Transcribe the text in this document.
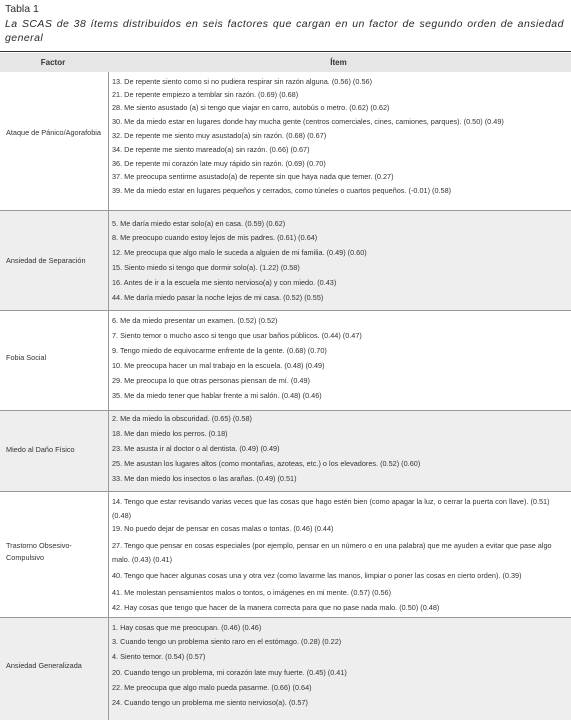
Tabla 1
La SCAS de 38 ítems distribuidos en seis factores que cargan en un factor de segundo orden de ansiedad general
Factor	Ítem
Ataque de Pánico/Agorafobia
13. De repente siento como si no pudiera respirar sin razón alguna. (0.56) (0.56)
21. De repente empiezo a temblar sin razón. (0.69) (0.68)
28. Me siento asustado (a) si tengo que viajar en carro, autobús o metro. (0.62) (0.62)
30. Me da miedo estar en lugares donde hay mucha gente (centros comerciales, cines, camiones, parques). (0.50) (0.49)
32. De repente me siento muy asustado(a) sin razón. (0.68) (0.67)
34. De repente me siento mareado(a) sin razón. (0.66) (0.67)
36. De repente mi corazón late muy rápido sin razón. (0.69) (0.70)
37. Me preocupa sentirme asustado(a) de repente sin que haya nada que temer. (0.27)
39. Me da miedo estar en lugares pequeños y cerrados, como túneles o cuartos pequeños. (-0.01) (0.58)
Ansiedad de Separación
5. Me daría miedo estar solo(a) en casa. (0.59) (0.62)
8. Me preocupo cuando estoy lejos de mis padres. (0.61) (0.64)
12. Me preocupa que algo malo le suceda a alguien de mi familia. (0.49) (0.60)
15. Siento miedo si tengo que dormir solo(a). (1.22) (0.58)
16. Antes de ir a la escuela me siento nervioso(a) y con miedo. (0.43)
44. Me daría miedo pasar la noche lejos de mi casa. (0.52) (0.55)
Fobia Social
6. Me da miedo presentar un examen. (0.52) (0.52)
7. Siento temor o mucho asco si tengo que usar baños públicos. (0.44) (0.47)
9. Tengo miedo de equivocarme enfrente de la gente. (0.68) (0.70)
10. Me preocupa hacer un mal trabajo en la escuela. (0.48) (0.49)
29. Me preocupa lo que otras personas piensan de mí. (0.49)
35. Me da miedo tener que hablar frente a mi salón. (0.48) (0.46)
Miedo al Daño Físico
2. Me da miedo la obscuridad. (0.65) (0.58)
18. Me dan miedo los perros. (0.18)
23. Me asusta ir al doctor o al dentista. (0.49) (0.49)
25. Me asustan los lugares altos (como montañas, azoteas, etc.) o los elevadores. (0.52) (0.60)
33. Me dan miedo los insectos o las arañas. (0.49) (0.51)
Trastorno Obsesivo-Compulsivo
14. Tengo que estar revisando varias veces que las cosas que hago estén bien (como apagar la luz, o cerrar la puerta con llave). (0.51) (0.48)
19. No puedo dejar de pensar en cosas malas o tontas. (0.46) (0.44)
27. Tengo que pensar en cosas especiales (por ejemplo, pensar en un número o en una palabra) que me ayuden a evitar que pase algo malo. (0.43) (0.41)
40. Tengo que hacer algunas cosas una y otra vez (como lavarme las manos, limpiar o poner las cosas en cierto orden). (0.39)
41. Me molestan pensamientos malos o tontos, o imágenes en mi mente. (0.57) (0.56)
42. Hay cosas que tengo que hacer de la manera correcta para que no pase nada malo. (0.50) (0.48)
Ansiedad Generalizada
1. Hay cosas que me preocupan. (0.46) (0.46)
3. Cuando tengo un problema siento raro en el estómago. (0.28) (0.22)
4. Siento temor. (0.54) (0.57)
20. Cuando tengo un problema, mi corazón late muy fuerte. (0.45) (0.41)
22. Me preocupa que algo malo pueda pasarme. (0.66) (0.64)
24. Cuando tengo un problema me siento nervioso(a). (0.57)
